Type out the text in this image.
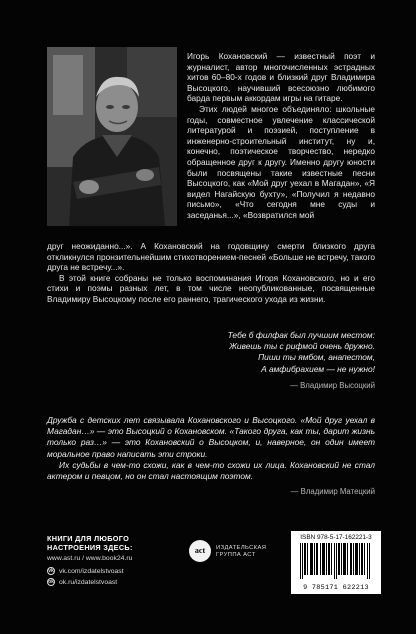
Игорь Кохановский — известный поэт и журналист, автор многочисленных эстрадных хитов 60–80-х годов и близкий друг Владимира Высоцкого, научивший всесоюзно любимого барда первым аккордам игры на гитаре.

Этих людей многое объединяло: школьные годы, совместное увлечение классической литературой и поэзией, поступление в инженерно-строительный институт, ну и, конечно, поэтическое творчество, нередко обращенное друг к другу. Именно другу юности были посвящены такие известные песни Высоцкого, как «Мой друг уехал в Магадан», «Я видел Нагайскую бухту», «Получил я недавно письмо», «Что сегодня мне суды и заседанья...», «Возвратился мой

друг неожиданно...». А Кохановский на годовщину смерти близкого друга откликнулся пронзительнейшим стихотворением-песней «Больше не встречу, такого друга не встречу...».

В этой книге собраны не только воспоминания Игоря Кохановского, но и его стихи и поэмы разных лет, в том числе неопубликованные, посвященные Владимиру Высоцкому после его раннего, трагического ухода из жизни.

Тебе б филфак был лучшим местом:
Живешь ты с рифмой очень дружно.
Пиши ты ямбом, анапестом,
А амфибрахием — не нужно!
— Владимир Высоцкий

Дружба с детских лет связывала Кохановского и Высоцкого. «Мой друг уехал в Магадан…» — это Высоцкий о Кохановском. «Такого друга, как ты, дарит жизнь только раз…» — это Кохановский о Высоцком, и, наверное, он один имеет моральное право написать эти строки.

Их судьбы в чем-то схожи, как в чем-то схожи их лица. Кохановский не стал актером и певцом, но он стал настоящим поэтом.

— Владимир Матецкий
КНИГИ ДЛЯ ЛЮБОГО
НАСТРОЕНИЯ ЗДЕСЬ:
www.ast.ru / www.book24.ru
vk vk.com/izdatelstvoast
ok ok.ru/izdatelstvoast
act	ИЗДАТЕЛЬСКАЯ
ГРУППА АСТ
ISBN 978-5-17-162221-3
9 785171 622213
